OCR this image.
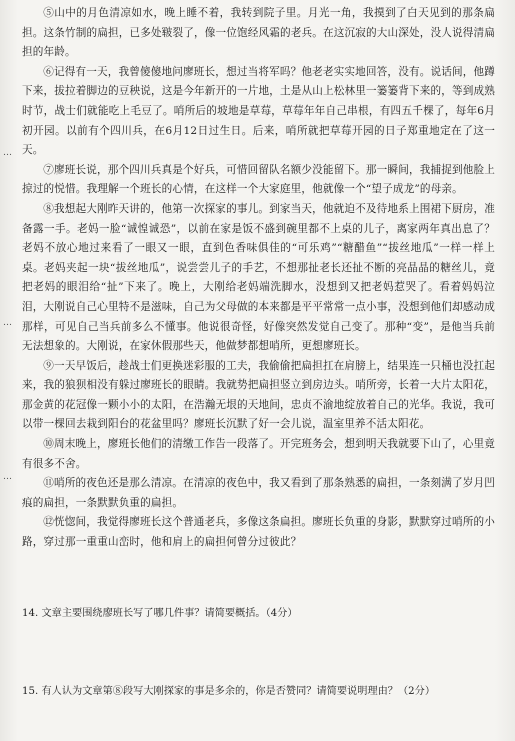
…
…
…

⑤山中的月色清凉如水，晚上睡不着，我转到院子里。月光一角，我摸到了白天见到的那条扁担。这条竹制的扁担，已多处皲裂了，像一位饱经风霜的老兵。在这沉寂的大山深处，没人说得清扁担的年龄。

⑥记得有一天，我曾傻傻地问廖班长，想过当将军吗？他老老实实地回答，没有。说话间，他蹲下来，拔拉着脚边的豆秧说，这是今年新开的一片地，土是从山上松林里一篓篓背下来的，等到成熟时节，战士们就能吃上毛豆了。哨所后的坡地是草莓，草莓年年自己串根，有四五千棵了，每年6月初开园。以前有个四川兵，在6月12日过生日。后来，哨所就把草莓开园的日子郑重地定在了这一天。

⑦廖班长说，那个四川兵真是个好兵，可惜回留队名额少没能留下。那一瞬间，我捕捉到他脸上掠过的悦惜。我理解一个班长的心情，在这样一个大家庭里，他就像一个“望子成龙”的母亲。

⑧我想起大刚昨天讲的，他第一次探家的事儿。到家当天，他就迫不及待地系上围裙下厨房，准备露一手。老妈一脸“诚惶诚恐”，以前在家是饭不盛到碗里都不上桌的儿子，离家两年真出息了？老妈不放心地过来看了一眼又一眼，直到色香味俱佳的“可乐鸡”“糖醋鱼”“拔丝地瓜”一样一样上桌。老妈夹起一块“拔丝地瓜”，说尝尝儿子的手艺，不想那扯老长还扯不断的亮晶晶的糖丝儿，竟把老妈的眼泪给“扯”下来了。晚上，大刚给老妈端洗脚水，没想到又把老妈惹哭了。看着妈妈泣泪，大刚说自己心里特不是滋味，自己为父母做的本来都是平平常常一点小事，没想到他们却感动成那样，可见自己当兵前多么不懂事。他说很奇怪，好像突然发觉自己变了。那种“变”，是他当兵前无法想象的。大刚说，在家休假那些天，他做梦都想哨所，更想廖班长。

⑨一天早饭后，趁战士们更换迷彩服的工夫，我偷偷把扁担扛在肩膀上，结果连一只桶也没扛起来，我的狼狈相没有躲过廖班长的眼睛。我就势把扁担竖立到房边头。哨所旁，长着一大片太阳花，那金黄的花冠像一颗小小的太阳，在浩瀚无垠的天地间，忠贞不渝地绽放着自己的光华。我说，我可以带一棵回去栽到阳台的花盆里吗？廖班长沉默了好一会儿说，温室里养不活太阳花。

⑩周末晚上，廖班长他们的清缴工作告一段落了。开完班务会，想到明天我就要下山了，心里竟有很多不舍。

⑪哨所的夜色还是那么清凉。在清凉的夜色中，我又看到了那条熟悉的扁担，一条刻满了岁月凹痕的扁担，一条默默负重的扁担。

⑫恍惚间，我觉得廖班长这个普通老兵，多像这条扁担。廖班长负重的身影，默默穿过哨所的小路，穿过那一重重山峦时，他和肩上的扁担何曾分过彼此？

14. 文章主要围绕廖班长写了哪几件事？请简要概括。（4分）
15. 有人认为文章第⑧段写大刚探家的事是多余的，你是否赞同？请简要说明理由？（2分）
